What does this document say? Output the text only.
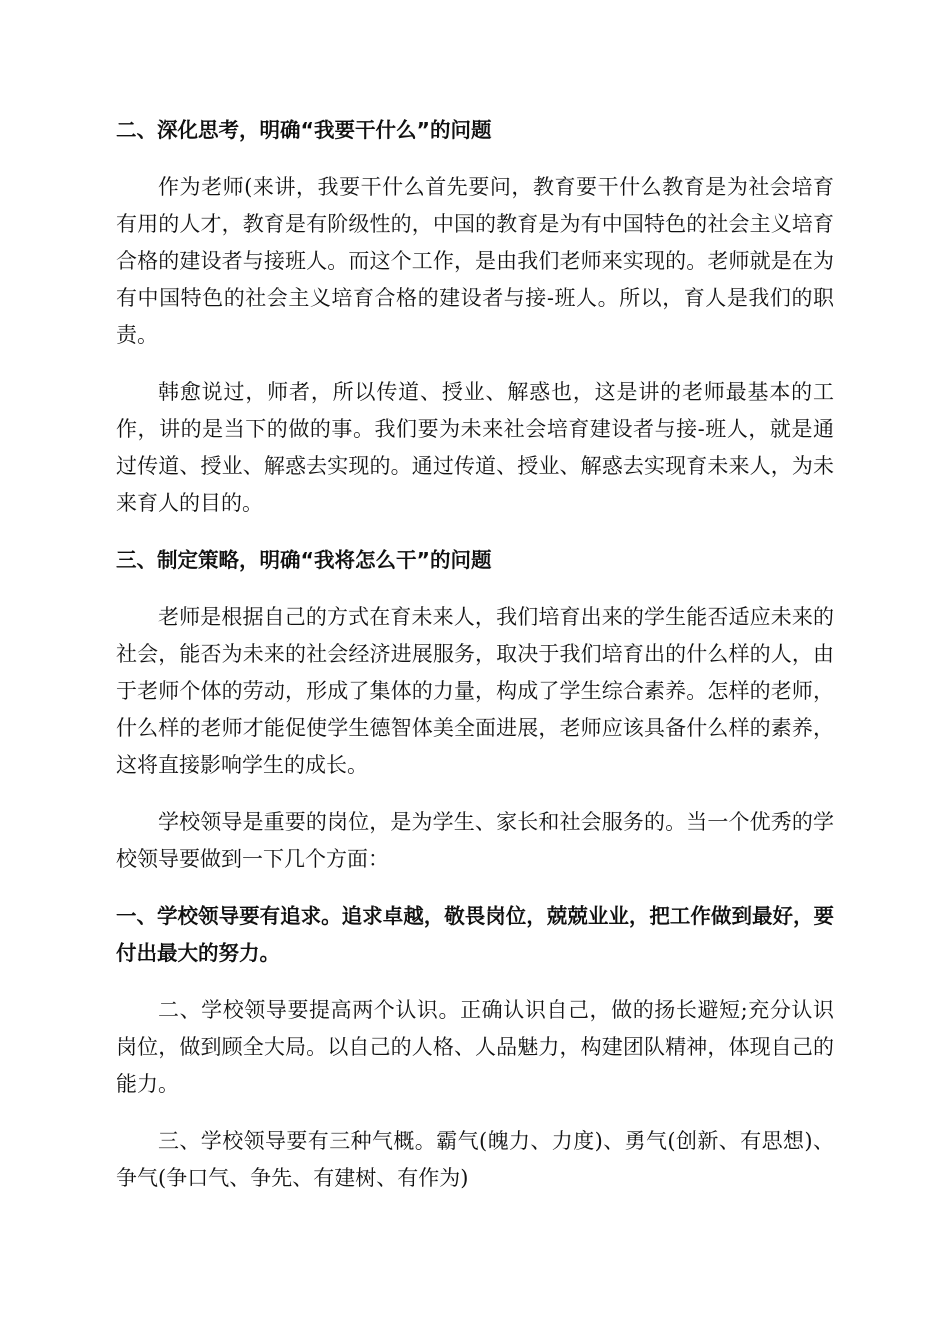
二、深化思考，明确“我要干什么”的问题

作为老师(来讲，我要干什么首先要问，教育要干什么教育是为社会培育有用的人才，教育是有阶级性的，中国的教育是为有中国特色的社会主义培育合格的建设者与接班人。而这个工作，是由我们老师来实现的。老师就是在为有中国特色的社会主义培育合格的建设者与接-班人。所以，育人是我们的职责。

韩愈说过，师者，所以传道、授业、解惑也，这是讲的老师最基本的工作，讲的是当下的做的事。我们要为未来社会培育建设者与接-班人，就是通过传道、授业、解惑去实现的。通过传道、授业、解惑去实现育未来人，为未来育人的目的。

三、制定策略，明确“我将怎么干”的问题

老师是根据自己的方式在育未来人，我们培育出来的学生能否适应未来的社会，能否为未来的社会经济进展服务，取决于我们培育出的什么样的人，由于老师个体的劳动，形成了集体的力量，构成了学生综合素养。怎样的老师，什么样的老师才能促使学生德智体美全面进展，老师应该具备什么样的素养，这将直接影响学生的成长。

学校领导是重要的岗位，是为学生、家长和社会服务的。当一个优秀的学校领导要做到一下几个方面：

一、学校领导要有追求。追求卓越，敬畏岗位，兢兢业业，把工作做到最好，要付出最大的努力。

二、学校领导要提高两个认识。正确认识自己，做的扬长避短;充分认识岗位，做到顾全大局。以自己的人格、人品魅力，构建团队精神，体现自己的能力。

三、学校领导要有三种气概。霸气(魄力、力度)、勇气(创新、有思想)、争气(争口气、争先、有建树、有作为)
